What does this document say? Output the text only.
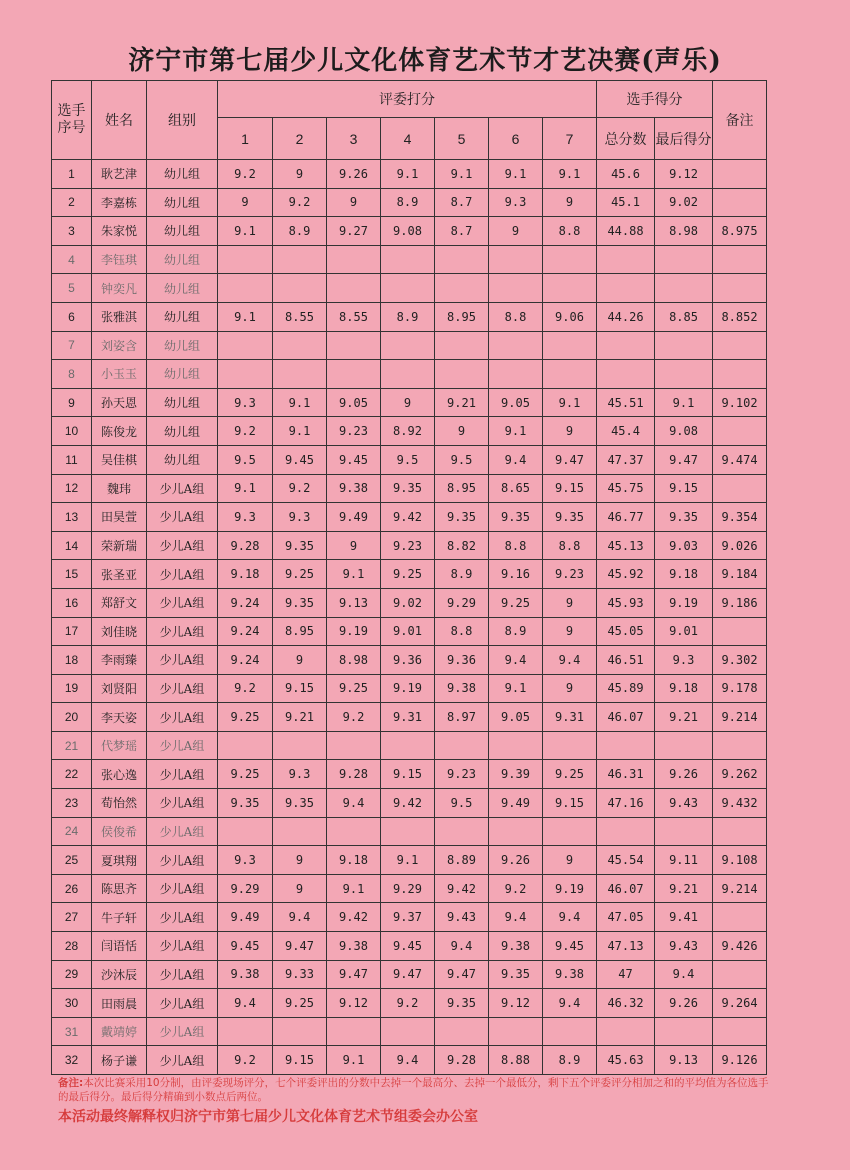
济宁市第七届少儿文化体育艺术节才艺决赛(声乐)
选手序号	姓名	组别	评委打分							选手得分		备注
			1	2	3	4	5	6	7	总分数	最后得分	
1	耿艺津	幼儿组	9.2	9	9.26	9.1	9.1	9.1	9.1	45.6	9.12	
2	李嘉栋	幼儿组	9	9.2	9	8.9	8.7	9.3	9	45.1	9.02	
3	朱家悦	幼儿组	9.1	8.9	9.27	9.08	8.7	9	8.8	44.88	8.98	8.975
4	李钰琪	幼儿组										
5	钟奕凡	幼儿组										
6	张雅淇	幼儿组	9.1	8.55	8.55	8.9	8.95	8.8	9.06	44.26	8.85	8.852
7	刘姿含	幼儿组										
8	小玉玉	幼儿组										
9	孙天恩	幼儿组	9.3	9.1	9.05	9	9.21	9.05	9.1	45.51	9.1	9.102
10	陈俊龙	幼儿组	9.2	9.1	9.23	8.92	9	9.1	9	45.4	9.08	
11	吴佳棋	幼儿组	9.5	9.45	9.45	9.5	9.5	9.4	9.47	47.37	9.47	9.474
12	魏玮	少儿A组	9.1	9.2	9.38	9.35	8.95	8.65	9.15	45.75	9.15	
13	田昊萱	少儿A组	9.3	9.3	9.49	9.42	9.35	9.35	9.35	46.77	9.35	9.354
14	荣新瑞	少儿A组	9.28	9.35	9	9.23	8.82	8.8	8.8	45.13	9.03	9.026
15	张圣亚	少儿A组	9.18	9.25	9.1	9.25	8.9	9.16	9.23	45.92	9.18	9.184
16	郑舒文	少儿A组	9.24	9.35	9.13	9.02	9.29	9.25	9	45.93	9.19	9.186
17	刘佳晓	少儿A组	9.24	8.95	9.19	9.01	8.8	8.9	9	45.05	9.01	
18	李雨臻	少儿A组	9.24	9	8.98	9.36	9.36	9.4	9.4	46.51	9.3	9.302
19	刘贤阳	少儿A组	9.2	9.15	9.25	9.19	9.38	9.1	9	45.89	9.18	9.178
20	李天姿	少儿A组	9.25	9.21	9.2	9.31	8.97	9.05	9.31	46.07	9.21	9.214
21	代梦瑶	少儿A组										
22	张心逸	少儿A组	9.25	9.3	9.28	9.15	9.23	9.39	9.25	46.31	9.26	9.262
23	荀怡然	少儿A组	9.35	9.35	9.4	9.42	9.5	9.49	9.15	47.16	9.43	9.432
24	侯俊希	少儿A组										
25	夏琪翔	少儿A组	9.3	9	9.18	9.1	8.89	9.26	9	45.54	9.11	9.108
26	陈思齐	少儿A组	9.29	9	9.1	9.29	9.42	9.2	9.19	46.07	9.21	9.214
27	牛子轩	少儿A组	9.49	9.4	9.42	9.37	9.43	9.4	9.4	47.05	9.41	
28	闫语恬	少儿A组	9.45	9.47	9.38	9.45	9.4	9.38	9.45	47.13	9.43	9.426
29	沙沐辰	少儿A组	9.38	9.33	9.47	9.47	9.47	9.35	9.38	47	9.4	
30	田雨晨	少儿A组	9.4	9.25	9.12	9.2	9.35	9.12	9.4	46.32	9.26	9.264
31	戴靖婷	少儿A组										
32	杨子谦	少儿A组	9.2	9.15	9.1	9.4	9.28	8.88	8.9	45.63	9.13	9.126
备注:本次比赛采用10分制，由评委现场评分，七个评委评出的分数中去掉一个最高分、去掉一个最低分，剩下五个评委评分相加之和的平均值为各位选手的最后得分。最后得分精确到小数点后两位。
本活动最终解释权归济宁市第七届少儿文化体育艺术节组委会办公室
